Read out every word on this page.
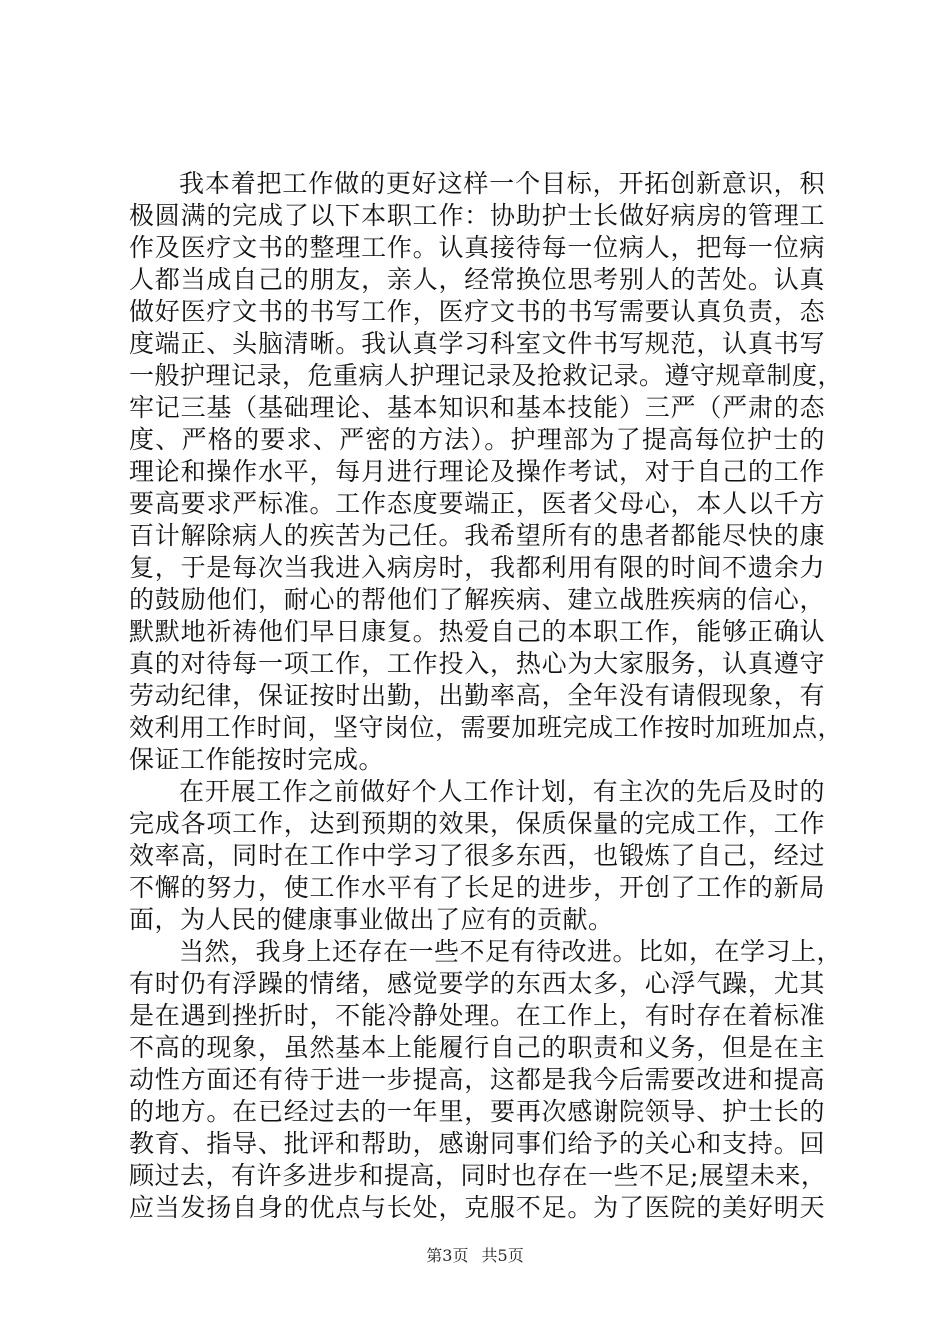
我本着把工作做的更好这样一个目标，开拓创新意识，积
极圆满的完成了以下本职工作：协助护士长做好病房的管理工
作及医疗文书的整理工作。认真接待每一位病人，把每一位病
人都当成自己的朋友，亲人，经常换位思考别人的苦处。认真
做好医疗文书的书写工作，医疗文书的书写需要认真负责，态
度端正、头脑清晰。我认真学习科室文件书写规范，认真书写
一般护理记录，危重病人护理记录及抢救记录。遵守规章制度，
牢记三基（基础理论、基本知识和基本技能）三严（严肃的态
度、严格的要求、严密的方法）。护理部为了提高每位护士的
理论和操作水平，每月进行理论及操作考试，对于自己的工作
要高要求严标准。工作态度要端正，医者父母心，本人以千方
百计解除病人的疾苦为己任。我希望所有的患者都能尽快的康
复，于是每次当我进入病房时，我都利用有限的时间不遗余力
的鼓励他们，耐心的帮他们了解疾病、建立战胜疾病的信心，
默默地祈祷他们早日康复。热爱自己的本职工作，能够正确认
真的对待每一项工作，工作投入，热心为大家服务，认真遵守
劳动纪律，保证按时出勤，出勤率高，全年没有请假现象，有
效利用工作时间，坚守岗位，需要加班完成工作按时加班加点，
保证工作能按时完成。
在开展工作之前做好个人工作计划，有主次的先后及时的
完成各项工作，达到预期的效果，保质保量的完成工作，工作
效率高，同时在工作中学习了很多东西，也锻炼了自己，经过
不懈的努力，使工作水平有了长足的进步，开创了工作的新局
面，为人民的健康事业做出了应有的贡献。
当然，我身上还存在一些不足有待改进。比如，在学习上，
有时仍有浮躁的情绪，感觉要学的东西太多，心浮气躁，尤其
是在遇到挫折时，不能冷静处理。在工作上，有时存在着标准
不高的现象，虽然基本上能履行自己的职责和义务，但是在主
动性方面还有待于进一步提高，这都是我今后需要改进和提高
的地方。在已经过去的一年里，要再次感谢院领导、护士长的
教育、指导、批评和帮助，感谢同事们给予的关心和支持。回
顾过去，有许多进步和提高，同时也存在一些不足;展望未来，
应当发扬自身的优点与长处，克服不足。为了医院的美好明天
第3页 共5页
